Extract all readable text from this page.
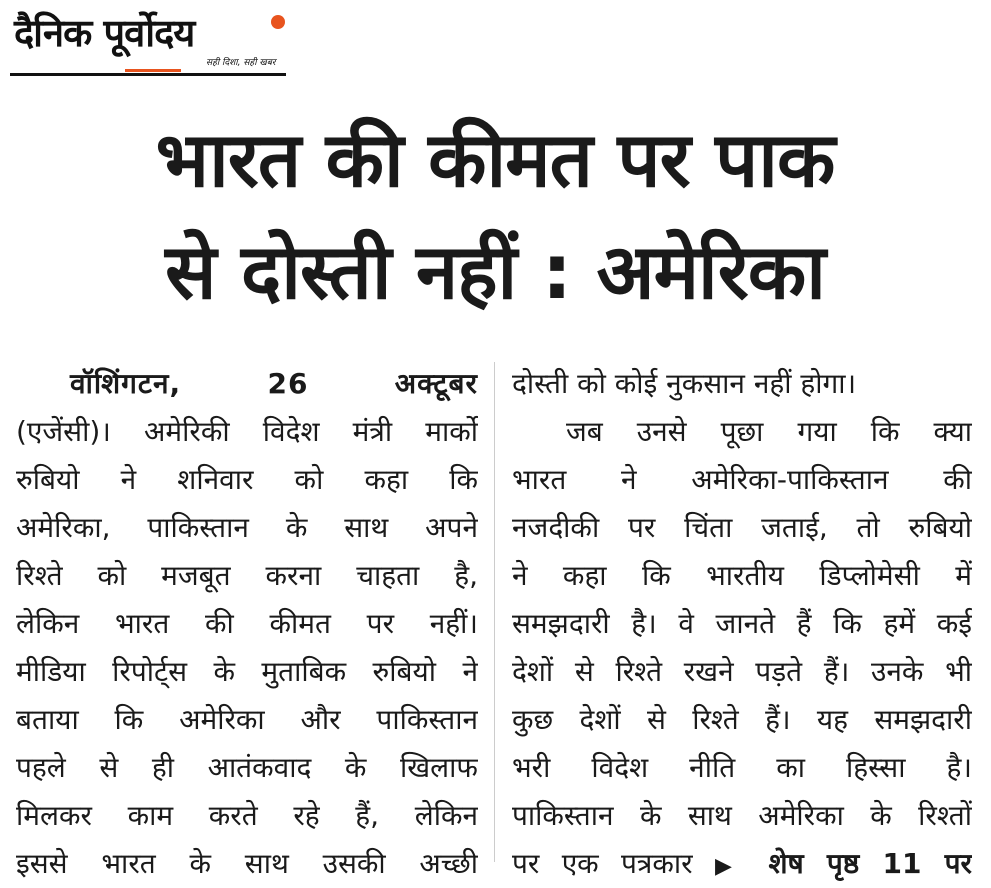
दैनिक पूर्वोदय
सही दिशा, सही खबर
भारत की कीमत पर पाक
से दोस्ती नहीं : अमेरिका
वॉशिंगटन, 26 अक्टूबर
(एजेंसी)। अमेरिकी विदेश मंत्री मार्को
रुबियो ने शनिवार को कहा कि
अमेरिका, पाकिस्तान के साथ अपने
रिश्ते को मजबूत करना चाहता है,
लेकिन भारत की कीमत पर नहीं।
मीडिया रिपोर्ट्स के मुताबिक रुबियो ने
बताया कि अमेरिका और पाकिस्तान
पहले से ही आतंकवाद के खिलाफ
मिलकर काम करते रहे हैं, लेकिन
इससे भारत के साथ उसकी अच्छी
दोस्ती को कोई नुकसान नहीं होगा।
जब उनसे पूछा गया कि क्या
भारत ने अमेरिका-पाकिस्तान की
नजदीकी पर चिंता जताई, तो रुबियो
ने कहा कि भारतीय डिप्लोमेसी में
समझदारी है। वे जानते हैं कि हमें कई
देशों से रिश्ते रखने पड़ते हैं। उनके भी
कुछ देशों से रिश्ते हैं। यह समझदारी
भरी विदेश नीति का हिस्सा है।
पाकिस्तान के साथ अमेरिका के रिश्तों
पर एक पत्रकार ▶ शेष पृष्ठ 11 पर
